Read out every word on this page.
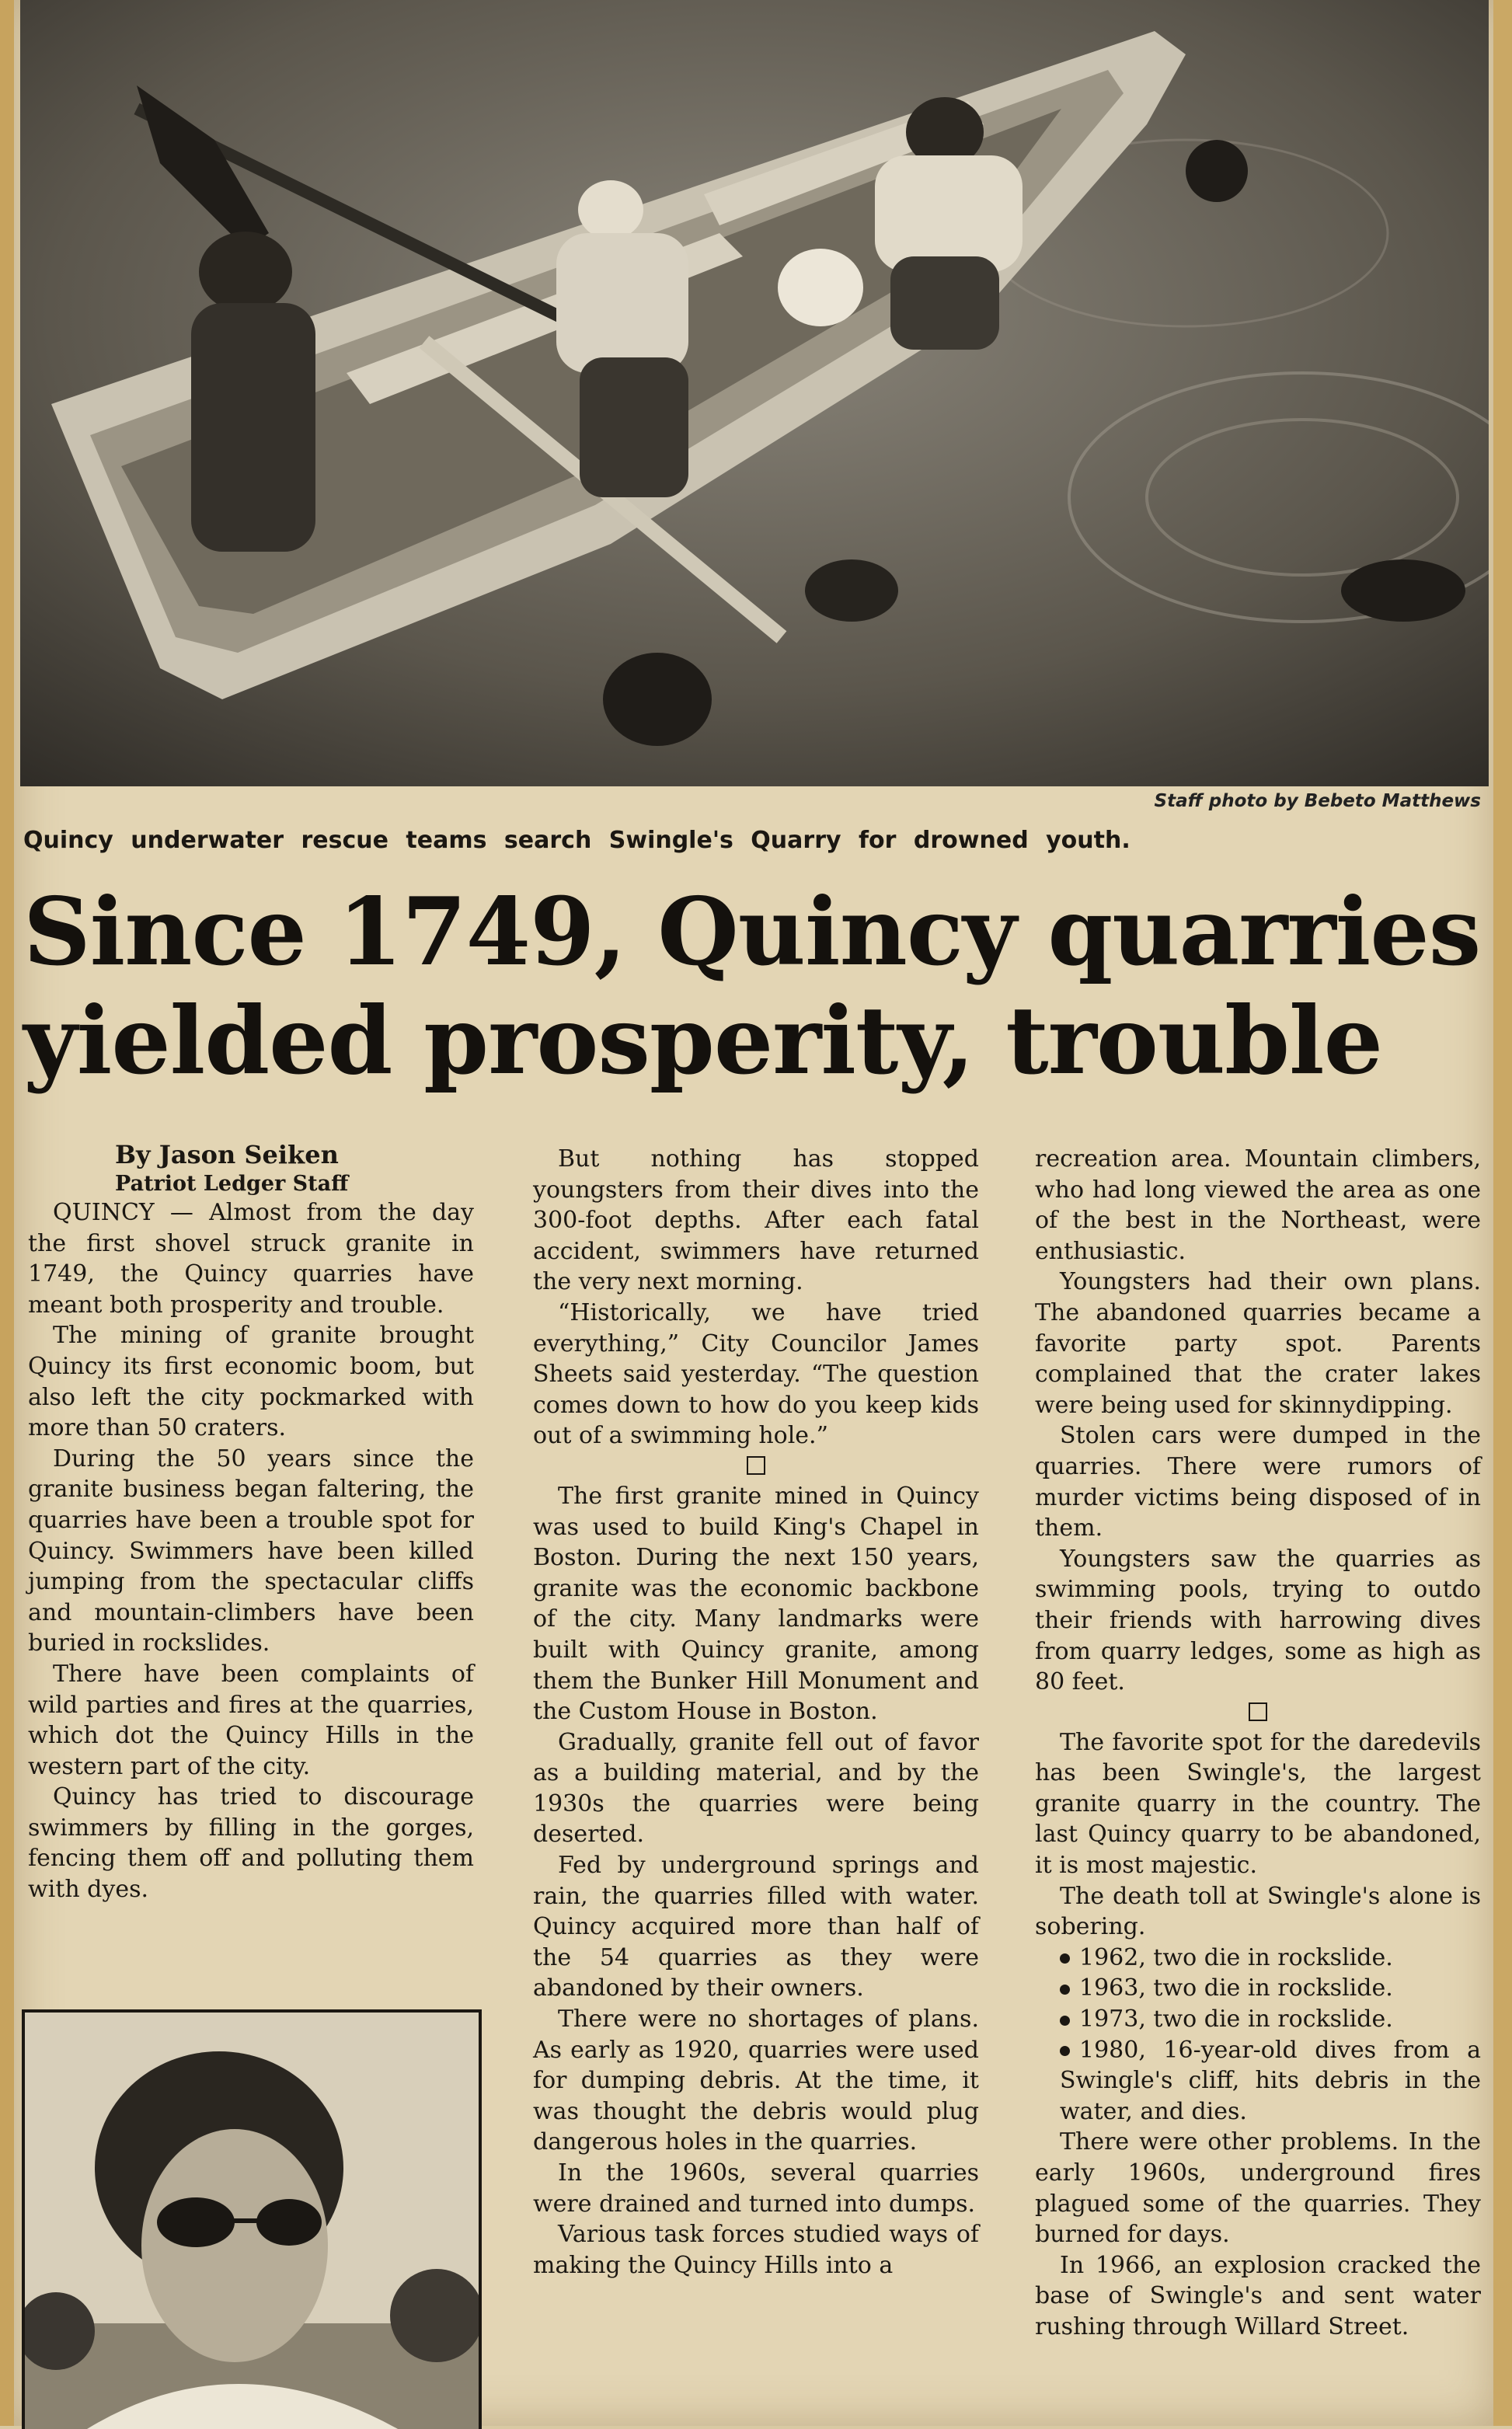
Staff photo by Bebeto Matthews
Quincy underwater rescue teams search Swingle's Quarry for drowned youth.
Since 1749, Quincy quarries
yielded prosperity, trouble
By Jason Seiken
Patriot Ledger Staff

QUINCY — Almost from the day the first shovel struck granite in 1749, the Quincy quarries have meant both prosperity and trouble.

The mining of granite brought Quincy its first economic boom, but also left the city pockmarked with more than 50 craters.

During the 50 years since the granite business began faltering, the quarries have been a trouble spot for Quincy. Swimmers have been killed jumping from the spectacular cliffs and mountain-climbers have been buried in rockslides.

There have been complaints of wild parties and fires at the quarries, which dot the Quincy Hills in the western part of the city.

Quincy has tried to discourage swimmers by filling in the gorges, fencing them off and polluting them with dyes.

But nothing has stopped youngsters from their dives into the 300-foot depths. After each fatal accident, swimmers have returned the very next morning.

“Historically, we have tried everything,” City Councilor James Sheets said yesterday. “The question comes down to how do you keep kids out of a swimming hole.”

The first granite mined in Quincy was used to build King's Chapel in Boston. During the next 150 years, granite was the economic backbone of the city. Many landmarks were built with Quincy granite, among them the Bunker Hill Monument and the Custom House in Boston.

Gradually, granite fell out of favor as a building material, and by the 1930s the quarries were being deserted.

Fed by underground springs and rain, the quarries filled with water. Quincy acquired more than half of the 54 quarries as they were abandoned by their owners.

There were no shortages of plans. As early as 1920, quarries were used for dumping debris. At the time, it was thought the debris would plug dangerous holes in the quarries.

In the 1960s, several quarries were drained and turned into dumps.

Various task forces studied ways of making the Quincy Hills into a

recreation area. Mountain climbers, who had long viewed the area as one of the best in the Northeast, were enthusiastic.

Youngsters had their own plans. The abandoned quarries became a favorite party spot. Parents complained that the crater lakes were being used for skinnydipping.

Stolen cars were dumped in the quarries. There were rumors of murder victims being disposed of in them.

Youngsters saw the quarries as swimming pools, trying to outdo their friends with harrowing dives from quarry ledges, some as high as 80 feet.

The favorite spot for the daredevils has been Swingle's, the largest granite quarry in the country. The last Quincy quarry to be abandoned, it is most majestic.

The death toll at Swingle's alone is sobering.

1962, two die in rockslide.

1963, two die in rockslide.

1973, two die in rockslide.

1980, 16-year-old dives from a Swingle's cliff, hits debris in the water, and dies.

There were other problems. In the early 1960s, underground fires plagued some of the quarries. They burned for days.

In 1966, an explosion cracked the base of Swingle's and sent water rushing through Willard Street.
